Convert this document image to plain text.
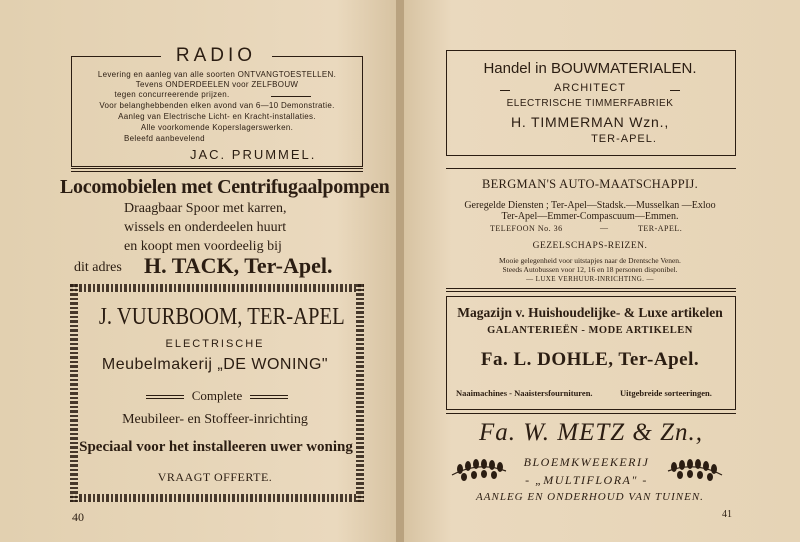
RADIO
Levering en aanleg van alle soorten ONTVANGTOESTELLEN.
Tevens ONDERDEELEN voor ZELFBOUW
tegen concurreerende prijzen.
Voor belanghebbenden elken avond van 6—10 Demonstratie.
Aanleg van Electrische Licht- en Kracht-installaties.
Alle voorkomende Koperslagerswerken.
Beleefd aanbevelend
JAC. PRUMMEL.
Locomobielen met Centrifugaalpompen
Draagbaar Spoor met karren,
wissels en onderdeelen huurt
en koopt men voordeelig bij
dit adres H. TACK, Ter-Apel.
J. VUURBOOM, TER-APEL
ELECTRISCHE
Meubelmakerij „DE WONING"
Complete
Meubileer- en Stoffeer-inrichting
Speciaal voor het installeeren uwer woning
VRAAGT OFFERTE.
40
Handel in BOUWMATERIALEN.
ARCHITECT
ELECTRISCHE TIMMERFABRIEK
H. TIMMERMAN Wzn.,
TER-APEL.
BERGMAN'S AUTO-MAATSCHAPPIJ.
Geregelde Diensten ; Ter-Apel—Stadsk.—Musselkan —Exloo
Ter-Apel—Emmer-Compascuum—Emmen.
TELEFOON No. 36	—	TER-APEL.
GEZELSCHAPS-REIZEN.
Mooie gelegenheid voor uitstapjes naar de Drentsche Venen.
Steeds Autobussen voor 12, 16 en 18 personen disponibel.
— LUXE VERHUUR-INRICHTING. —
Magazijn v. Huishoudelijke- & Luxe artikelen
GALANTERIEËN - MODE ARTIKELEN
Fa. L. DOHLE, Ter-Apel.
Naaimachines - Naaistersfournituren.	Uitgebreide sorteeringen.
Fa. W. METZ & Zn.,
BLOEMKWEEKERIJ
- „MULTIFLORA" -
AANLEG EN ONDERHOUD VAN TUINEN.
41
